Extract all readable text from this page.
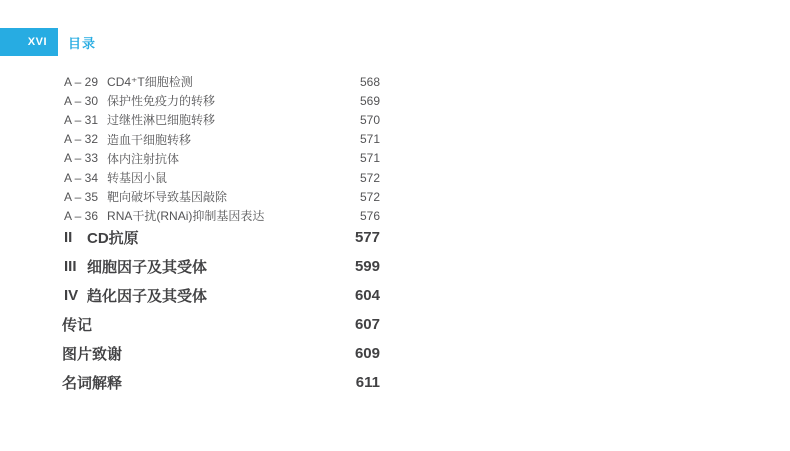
XVI	目录
A – 29 CD4⁺T细胞检测	568
A – 30 保护性免疫力的转移	569
A – 31 过继性淋巴细胞转移	570
A – 32 造血干细胞转移	571
A – 33 体内注射抗体	571
A – 34 转基因小鼠	572
A – 35 靶向破坏导致基因敲除	572
A – 36 RNA干扰(RNAi)抑制基因表达	576
II CD抗原	577
III 细胞因子及其受体	599
IV 趋化因子及其受体	604
传记	607
图片致谢	609
名词解释	611
